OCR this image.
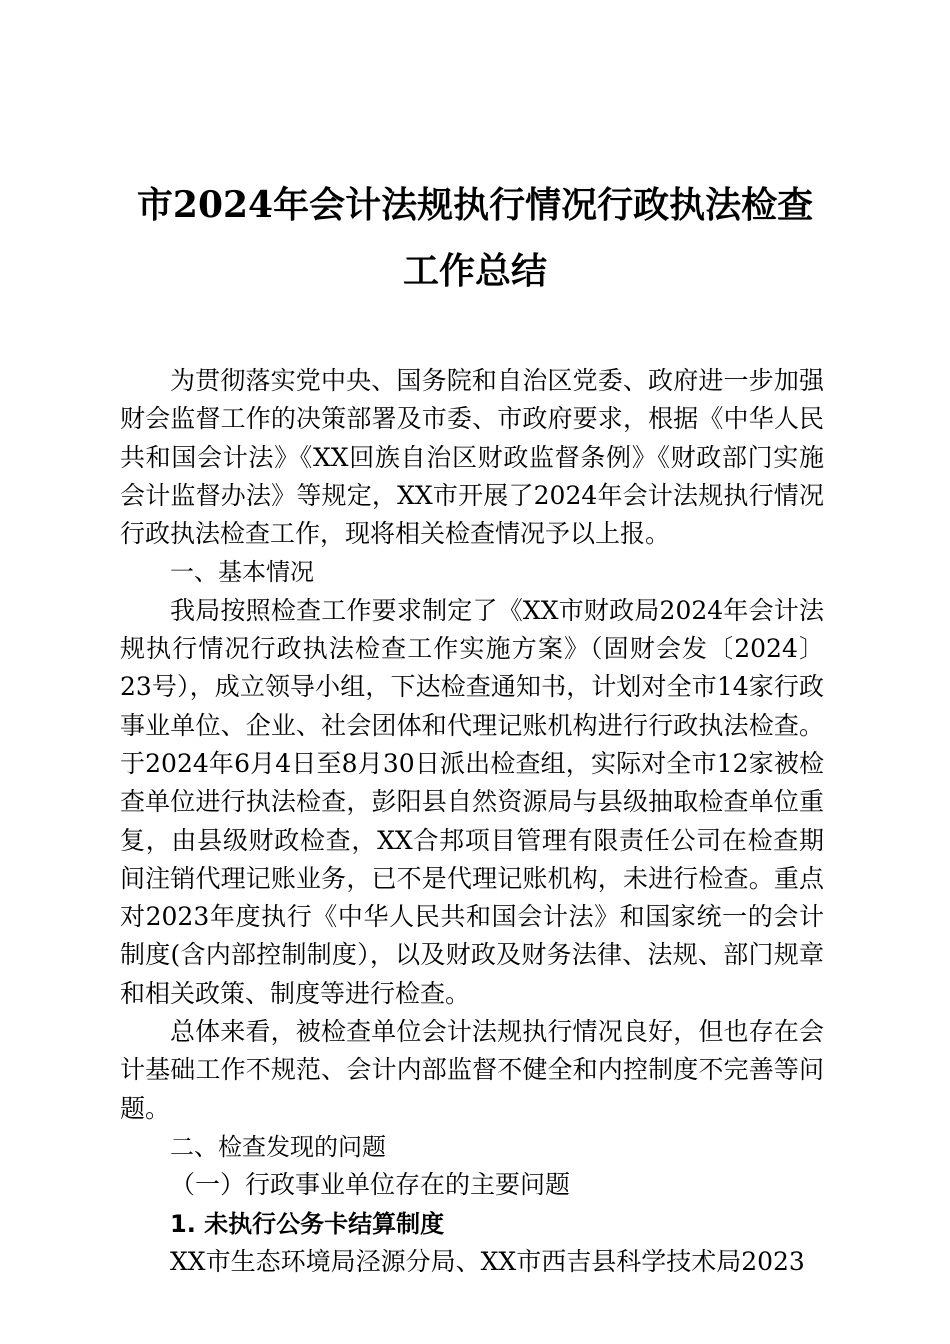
市2024年会计法规执行情况行政执法检查工作总结

为贯彻落实党中央、国务院和自治区党委、政府进一步加强财会监督工作的决策部署及市委、市政府要求，根据《中华人民共和国会计法》《XX回族自治区财政监督条例》《财政部门实施会计监督办法》等规定，XX市开展了2024年会计法规执行情况行政执法检查工作，现将相关检查情况予以上报。

一、基本情况

我局按照检查工作要求制定了《XX市财政局2024年会计法规执行情况行政执法检查工作实施方案》（固财会发〔2024〕23号），成立领导小组，下达检查通知书，计划对全市14家行政事业单位、企业、社会团体和代理记账机构进行行政执法检查。于2024年6月4日至8月30日派出检查组，实际对全市12家被检查单位进行执法检查，彭阳县自然资源局与县级抽取检查单位重复，由县级财政检查，XX合邦项目管理有限责任公司在检查期间注销代理记账业务，已不是代理记账机构，未进行检查。重点对2023年度执行《中华人民共和国会计法》和国家统一的会计制度(含内部控制制度），以及财政及财务法律、法规、部门规章和相关政策、制度等进行检查。

总体来看，被检查单位会计法规执行情况良好，但也存在会计基础工作不规范、会计内部监督不健全和内控制度不完善等问题。

二、检查发现的问题

（一）行政事业单位存在的主要问题

1. 未执行公务卡结算制度

XX市生态环境局泾源分局、XX市西吉县科学技术局2023
